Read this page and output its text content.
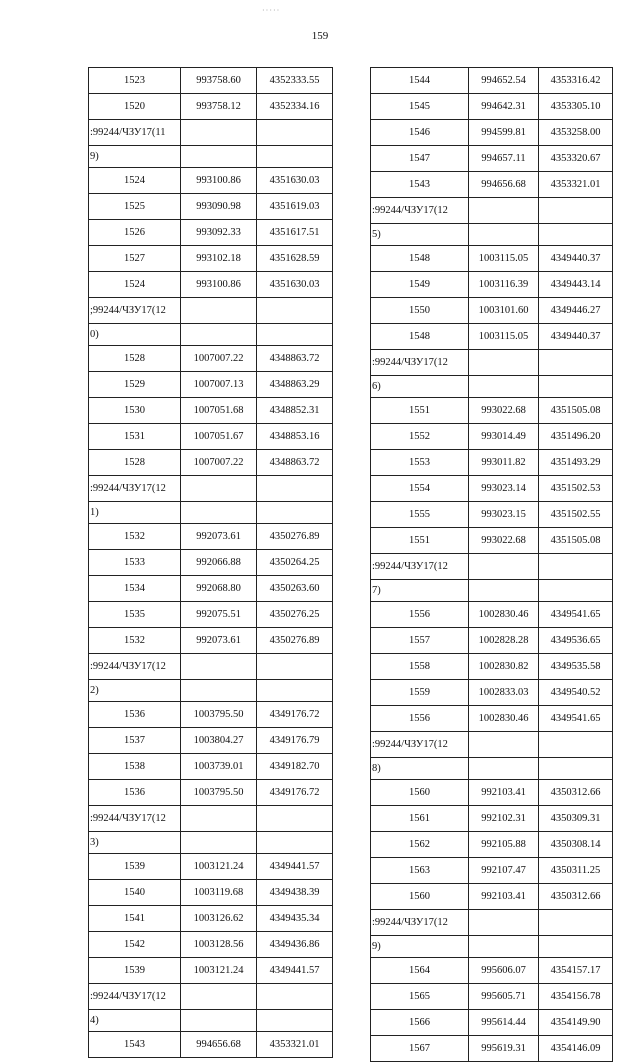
·····
159
1523	993758.60	4352333.55
1520	993758.12	4352334.16
:99244/ЧЗУ17(11		
9)		
1524	993100.86	4351630.03
1525	993090.98	4351619.03
1526	993092.33	4351617.51
1527	993102.18	4351628.59
1524	993100.86	4351630.03
;99244/ЧЗУ17(12		
0)		
1528	1007007.22	4348863.72
1529	1007007.13	4348863.29
1530	1007051.68	4348852.31
1531	1007051.67	4348853.16
1528	1007007.22	4348863.72
:99244/ЧЗУ17(12		
1)		
1532	992073.61	4350276.89
1533	992066.88	4350264.25
1534	992068.80	4350263.60
1535	992075.51	4350276.25
1532	992073.61	4350276.89
:99244/ЧЗУ17(12		
2)		
1536	1003795.50	4349176.72
1537	1003804.27	4349176.79
1538	1003739.01	4349182.70
1536	1003795.50	4349176.72
:99244/ЧЗУ17(12		
3)		
1539	1003121.24	4349441.57
1540	1003119.68	4349438.39
1541	1003126.62	4349435.34
1542	1003128.56	4349436.86
1539	1003121.24	4349441.57
:99244/ЧЗУ17(12		
4)		
1543	994656.68	4353321.01
1544	994652.54	4353316.42
1545	994642.31	4353305.10
1546	994599.81	4353258.00
1547	994657.11	4353320.67
1543	994656.68	4353321.01
:99244/ЧЗУ17(12		
5)		
1548	1003115.05	4349440.37
1549	1003116.39	4349443.14
1550	1003101.60	4349446.27
1548	1003115.05	4349440.37
:99244/ЧЗУ17(12		
6)		
1551	993022.68	4351505.08
1552	993014.49	4351496.20
1553	993011.82	4351493.29
1554	993023.14	4351502.53
1555	993023.15	4351502.55
1551	993022.68	4351505.08
:99244/ЧЗУ17(12		
7)		
1556	1002830.46	4349541.65
1557	1002828.28	4349536.65
1558	1002830.82	4349535.58
1559	1002833.03	4349540.52
1556	1002830.46	4349541.65
:99244/ЧЗУ17(12		
8)		
1560	992103.41	4350312.66
1561	992102.31	4350309.31
1562	992105.88	4350308.14
1563	992107.47	4350311.25
1560	992103.41	4350312.66
:99244/ЧЗУ17(12		
9)		
1564	995606.07	4354157.17
1565	995605.71	4354156.78
1566	995614.44	4354149.90
1567	995619.31	4354146.09
